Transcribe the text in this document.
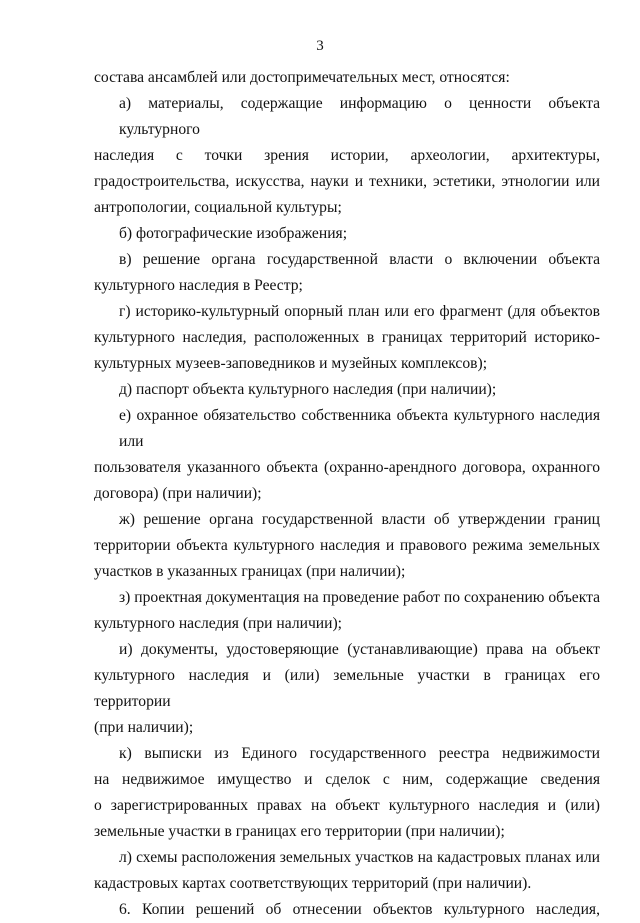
3
состава ансамблей или достопримечательных мест, относятся:
а) материалы, содержащие информацию о ценности объекта культурного
наследия с точки зрения истории, археологии, архитектуры,
градостроительства, искусства, науки и техники, эстетики, этнологии или
антропологии, социальной культуры;
б) фотографические изображения;
в) решение органа государственной власти о включении объекта
культурного наследия в Реестр;
г) историко-культурный опорный план или его фрагмент (для объектов
культурного наследия, расположенных в границах территорий историко-
культурных музеев-заповедников и музейных комплексов);
д) паспорт объекта культурного наследия (при наличии);
е) охранное обязательство собственника объекта культурного наследия или
пользователя указанного объекта (охранно-арендного договора, охранного
договора) (при наличии);
ж) решение органа государственной власти об утверждении границ
территории объекта культурного наследия и правового режима земельных
участков в указанных границах (при наличии);
з) проектная документация на проведение работ по сохранению объекта
культурного наследия (при наличии);
и) документы, удостоверяющие (устанавливающие) права на объект
культурного наследия и (или) земельные участки в границах его территории
(при наличии);
к) выписки из Единого государственного реестра недвижимости
на недвижимое имущество и сделок с ним, содержащие сведения
о зарегистрированных правах на объект культурного наследия и (или)
земельные участки в границах его территории (при наличии);
л) схемы расположения земельных участков на кадастровых планах или
кадастровых картах соответствующих территорий (при наличии).
6. Копии решений об отнесении объектов культурного наследия,
